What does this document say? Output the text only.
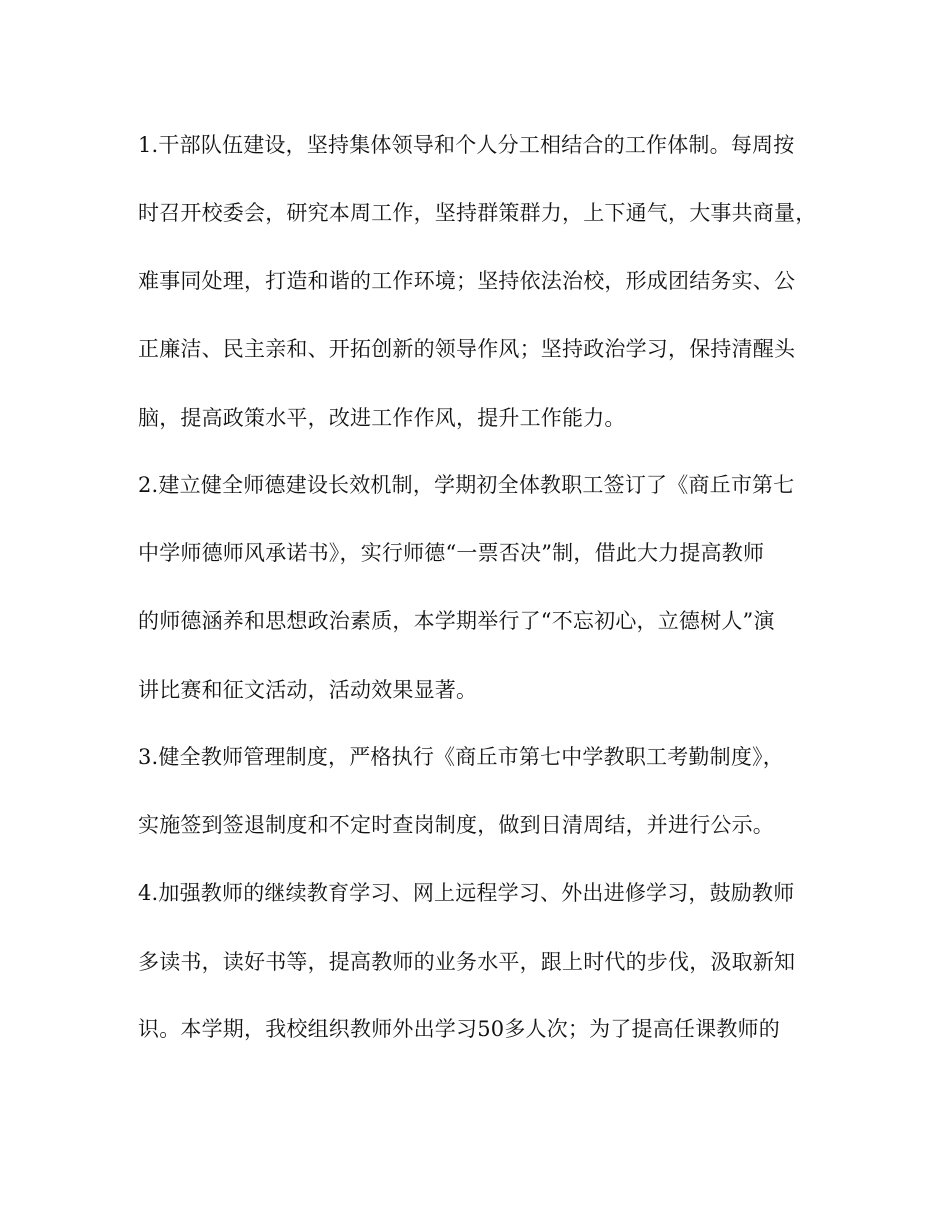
1.干部队伍建设，坚持集体领导和个人分工相结合的工作体制。每周按
时召开校委会，研究本周工作，坚持群策群力，上下通气，大事共商量，
难事同处理，打造和谐的工作环境；坚持依法治校，形成团结务实、公
正廉洁、民主亲和、开拓创新的领导作风；坚持政治学习，保持清醒头
脑，提高政策水平，改进工作作风，提升工作能力。
2.建立健全师德建设长效机制，学期初全体教职工签订了《商丘市第七
中学师德师风承诺书》，实行师德“一票否决”制，借此大力提高教师
的师德涵养和思想政治素质，本学期举行了“不忘初心，立德树人”演
讲比赛和征文活动，活动效果显著。
3.健全教师管理制度，严格执行《商丘市第七中学教职工考勤制度》，
实施签到签退制度和不定时查岗制度，做到日清周结，并进行公示。
4.加强教师的继续教育学习、网上远程学习、外出进修学习，鼓励教师
多读书，读好书等，提高教师的业务水平，跟上时代的步伐，汲取新知
识。本学期，我校组织教师外出学习50多人次；为了提高任课教师的
